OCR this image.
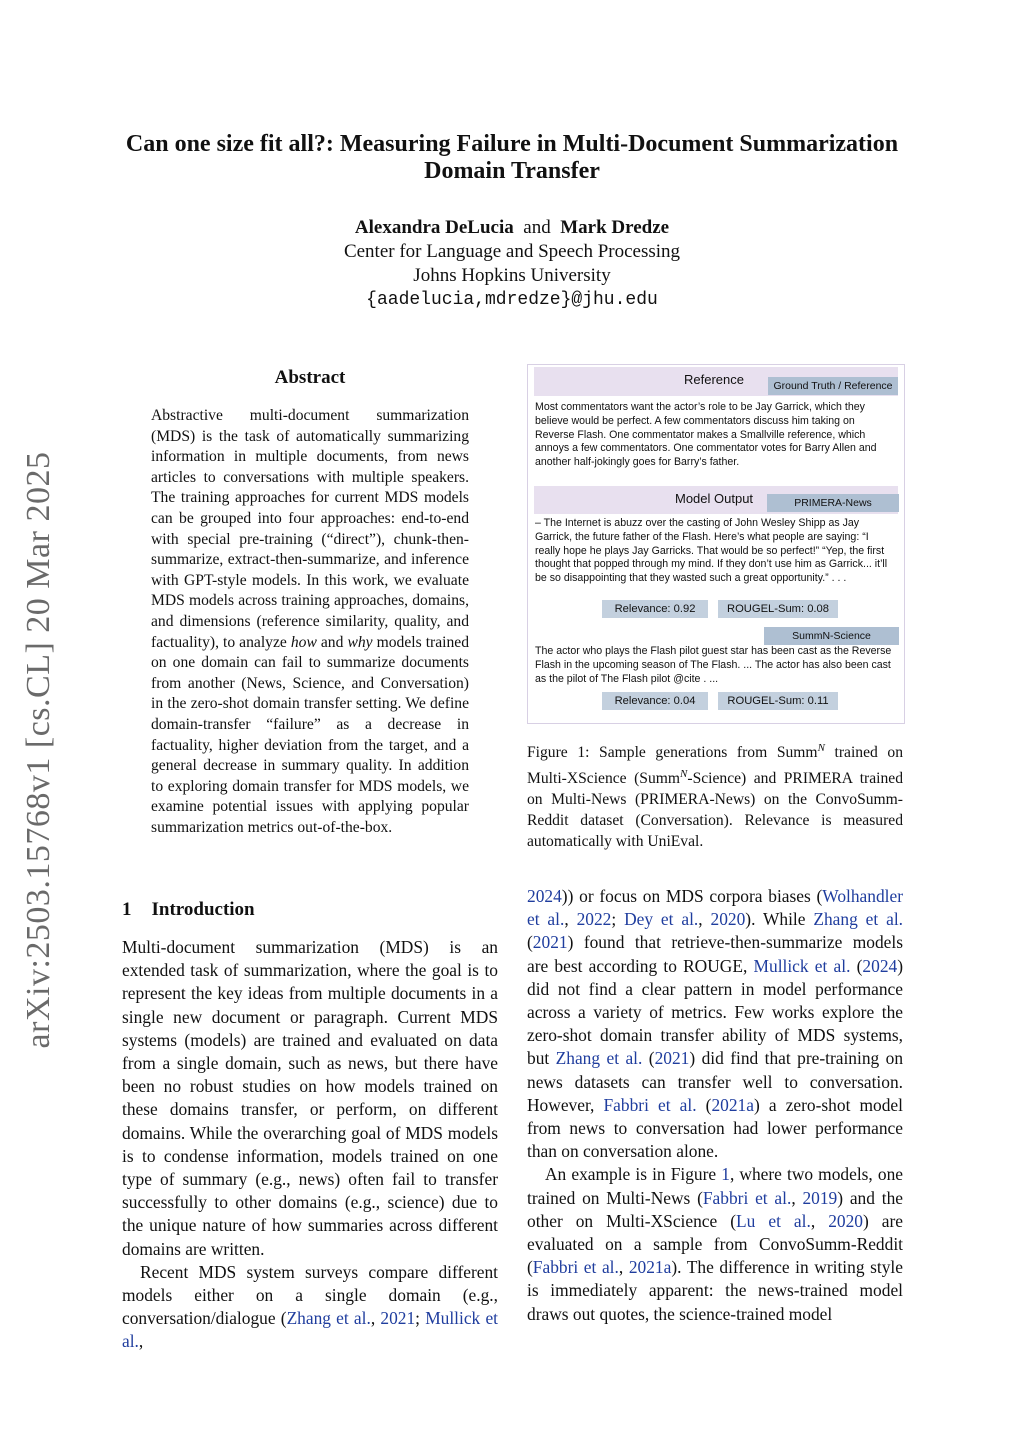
arXiv:2503.15768v1 [cs.CL] 20 Mar 2025
Can one size fit all?: Measuring Failure in Multi-Document Summarization
Domain Transfer
Alexandra DeLucia and Mark Dredze
Center for Language and Speech Processing
Johns Hopkins University
{aadelucia,mdredze}@jhu.edu
Abstract
Abstractive multi-document summarization (MDS) is the task of automatically summarizing information in multiple documents, from news articles to conversations with multiple speakers. The training approaches for current MDS models can be grouped into four approaches: end-to-end with special pre-training (“direct”), chunk-then-summarize, extract-then-summarize, and inference with GPT-style models. In this work, we evaluate MDS models across training approaches, domains, and dimensions (reference similarity, quality, and factuality), to analyze how and why models trained on one domain can fail to summarize documents from another (News, Science, and Conversation) in the zero-shot domain transfer setting. We define domain-transfer “failure” as a decrease in factuality, higher deviation from the target, and a general decrease in summary quality. In addition to exploring domain transfer for MDS models, we examine potential issues with applying popular summarization metrics out-of-the-box.
1 Introduction

Multi-document summarization (MDS) is an extended task of summarization, where the goal is to represent the key ideas from multiple documents in a single new document or paragraph. Current MDS systems (models) are trained and evaluated on data from a single domain, such as news, but there have been no robust studies on how models trained on these domains transfer, or perform, on different domains. While the overarching goal of MDS models is to condense information, models trained on one type of summary (e.g., news) often fail to transfer successfully to other domains (e.g., science) due to the unique nature of how summaries across different domains are written.

Recent MDS system surveys compare different models either on a single domain (e.g., conversation/dialogue (Zhang et al., 2021; Mullick et al.,

Reference	Ground Truth / Reference
Most commentators want the actor’s role to be Jay Garrick, which they believe would be perfect. A few commentators discuss him taking on Reverse Flash. One commentator makes a Smallville reference, which annoys a few commentators. One commentator votes for Barry Allen and another half-jokingly goes for Barry’s father.
Model Output	PRIMERA-News
– The Internet is abuzz over the casting of John Wesley Shipp as Jay Garrick, the future father of the Flash. Here’s what people are saying: “I really hope he plays Jay Garricks. That would be so perfect!” “Yep, the first thought that popped through my mind. If they don’t use him as Garrick... it’ll be so disappointing that they wasted such a great opportunity.” . . .
Relevance: 0.92	ROUGEL-Sum: 0.08
SummN-Science
The actor who plays the Flash pilot guest star has been cast as the Reverse Flash in the upcoming season of The Flash. ... The actor has also been cast as the pilot of The Flash pilot @cite . ...
Relevance: 0.04	ROUGEL-Sum: 0.11
Figure 1: Sample generations from Summ$^N$ trained on Multi-XScience (Summ$^N$-Science) and PRIMERA trained on Multi-News (PRIMERA-News) on the ConvoSumm-Reddit dataset (Conversation). Relevance is measured automatically with UniEval.

2024)) or focus on MDS corpora biases (Wolhandler et al., 2022; Dey et al., 2020). While Zhang et al. (2021) found that retrieve-then-summarize models are best according to ROUGE, Mullick et al. (2024) did not find a clear pattern in model performance across a variety of metrics. Few works explore the zero-shot domain transfer ability of MDS systems, but Zhang et al. (2021) did find that pre-training on news datasets can transfer well to conversation. However, Fabbri et al. (2021a) a zero-shot model from news to conversation had lower performance than on conversation alone.

An example is in Figure 1, where two models, one trained on Multi-News (Fabbri et al., 2019) and the other on Multi-XScience (Lu et al., 2020) are evaluated on a sample from ConvoSumm-Reddit (Fabbri et al., 2021a). The difference in writing style is immediately apparent: the news-trained model draws out quotes, the science-trained model
